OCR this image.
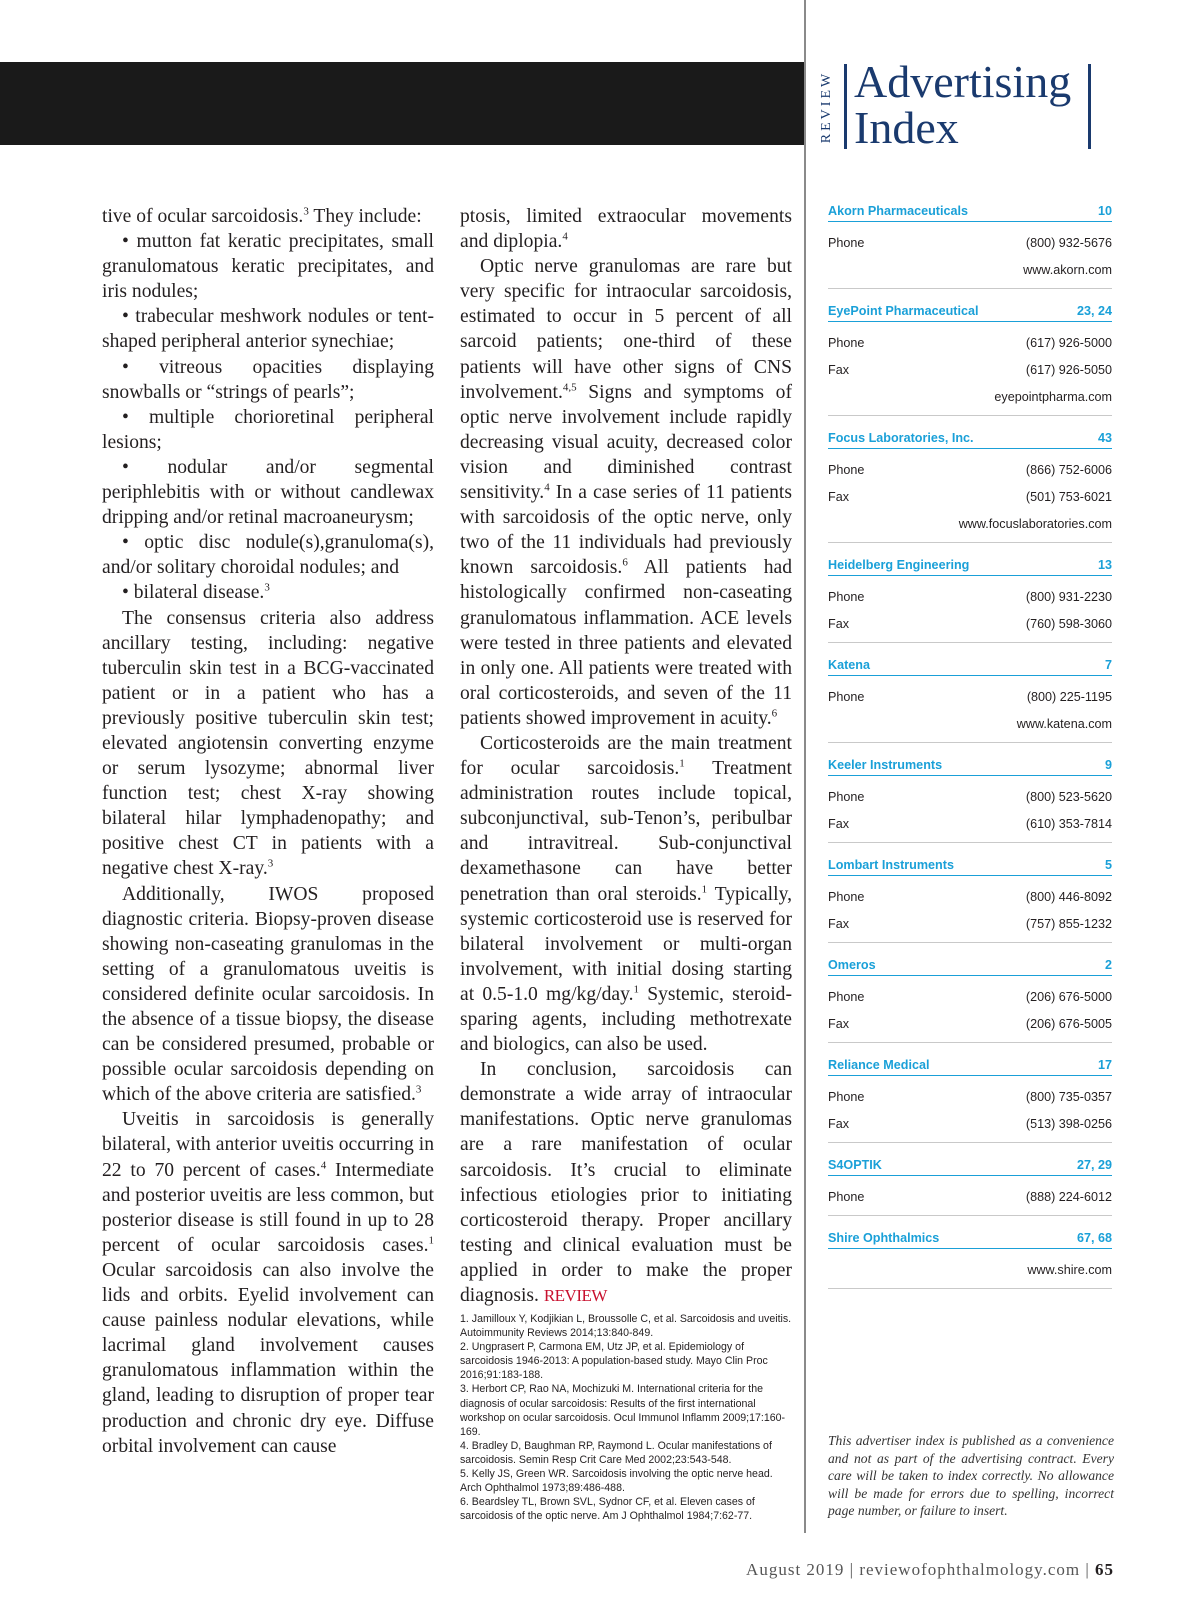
REVIEW Advertising
Index

tive of ocular sarcoidosis.$^3$ They include:

• mutton fat keratic precipitates, small granulomatous keratic precipitates, and iris nodules;

• trabecular meshwork nodules or tent-shaped peripheral anterior synechiae;

• vitreous opacities displaying snowballs or “strings of pearls”;

• multiple chorioretinal peripheral lesions;

• nodular and/or segmental periphlebitis with or without candlewax dripping and/or retinal macroaneurysm;

• optic disc nodule(s),granuloma(s), and/or solitary choroidal nodules; and

• bilateral disease.$^3$

The consensus criteria also address ancillary testing, including: negative tuberculin skin test in a BCG-vaccinated patient or in a patient who has a previously positive tuberculin skin test; elevated angiotensin converting enzyme or serum lysozyme; abnormal liver function test; chest X-ray showing bilateral hilar lymphadenopathy; and positive chest CT in patients with a negative chest X-ray.$^3$

Additionally, IWOS proposed diagnostic criteria. Biopsy-proven disease showing non-caseating granulomas in the setting of a granulomatous uveitis is considered definite ocular sarcoidosis. In the absence of a tissue biopsy, the disease can be considered presumed, probable or possible ocular sarcoidosis depending on which of the above criteria are satisfied.$^3$

Uveitis in sarcoidosis is generally bilateral, with anterior uveitis occurring in 22 to 70 percent of cases.$^4$ Intermediate and posterior uveitis are less common, but posterior disease is still found in up to 28 percent of ocular sarcoidosis cases.$^1$ Ocular sarcoidosis can also involve the lids and orbits. Eyelid involvement can cause painless nodular elevations, while lacrimal gland involvement causes granulomatous inflammation within the gland, leading to disruption of proper tear production and chronic dry eye. Diffuse orbital involvement can cause

ptosis, limited extraocular movements and diplopia.$^4$

Optic nerve granulomas are rare but very specific for intraocular sarcoidosis, estimated to occur in 5 percent of all sarcoid patients; one-third of these patients will have other signs of CNS involvement.$^{4,5}$ Signs and symptoms of optic nerve involvement include rapidly decreasing visual acuity, decreased color vision and diminished contrast sensitivity.$^4$ In a case series of 11 patients with sarcoidosis of the optic nerve, only two of the 11 individuals had previously known sarcoidosis.$^6$ All patients had histologically confirmed non-caseating granulomatous inflammation. ACE levels were tested in three patients and elevated in only one. All patients were treated with oral corticosteroids, and seven of the 11 patients showed improvement in acuity.$^6$

Corticosteroids are the main treatment for ocular sarcoidosis.$^1$ Treatment administration routes include topical, subconjunctival, sub-Tenon’s, peribulbar and intravitreal. Sub-conjunctival dexamethasone can have better penetration than oral steroids.$^1$ Typically, systemic corticosteroid use is reserved for bilateral involvement or multi-organ involvement, with initial dosing starting at 0.5-1.0 mg/kg/day.$^1$ Systemic, steroid-sparing agents, including methotrexate and biologics, can also be used.

In conclusion, sarcoidosis can demonstrate a wide array of intraocular manifestations. Optic nerve granulomas are a rare manifestation of ocular sarcoidosis. It’s crucial to eliminate infectious etiologies prior to initiating corticosteroid therapy. Proper ancillary testing and clinical evaluation must be applied in order to make the proper diagnosis. REVIEW

1. Jamilloux Y, Kodjikian L, Broussolle C, et al. Sarcoidosis and uveitis. Autoimmunity Reviews 2014;13:840-849.

2. Ungprasert P, Carmona EM, Utz JP, et al. Epidemiology of sarcoidosis 1946-2013: A population-based study. Mayo Clin Proc 2016;91:183-188.

3. Herbort CP, Rao NA, Mochizuki M. International criteria for the diagnosis of ocular sarcoidosis: Results of the first international workshop on ocular sarcoidosis. Ocul Immunol Inflamm 2009;17:160-169.

4. Bradley D, Baughman RP, Raymond L. Ocular manifestations of sarcoidosis. Semin Resp Crit Care Med 2002;23:543-548.

5. Kelly JS, Green WR. Sarcoidosis involving the optic nerve head. Arch Ophthalmol 1973;89:486-488.

6. Beardsley TL, Brown SVL, Sydnor CF, et al. Eleven cases of sarcoidosis of the optic nerve. Am J Ophthalmol 1984;7:62-77.

Akorn Pharmaceuticals	10
Phone	(800) 932-5676
www.akorn.com
EyePoint Pharmaceutical	23, 24
Phone	(617) 926-5000
Fax	(617) 926-5050
eyepointpharma.com
Focus Laboratories, Inc.	43
Phone	(866) 752-6006
Fax	(501) 753-6021
www.focuslaboratories.com
Heidelberg Engineering	13
Phone	(800) 931-2230
Fax	(760) 598-3060
Katena	7
Phone	(800) 225-1195
www.katena.com
Keeler Instruments	9
Phone	(800) 523-5620
Fax	(610) 353-7814
Lombart Instruments	5
Phone	(800) 446-8092
Fax	(757) 855-1232
Omeros	2
Phone	(206) 676-5000
Fax	(206) 676-5005
Reliance Medical	17
Phone	(800) 735-0357
Fax	(513) 398-0256
S4OPTIK	27, 29
Phone	(888) 224-6012
Shire Ophthalmics	67, 68
www.shire.com
This advertiser index is published as a convenience and not as part of the advertising contract. Every care will be taken to index correctly. No allowance will be made for errors due to spelling, incorrect page number, or failure to insert.
August 2019 | reviewofophthalmology.com | 65
